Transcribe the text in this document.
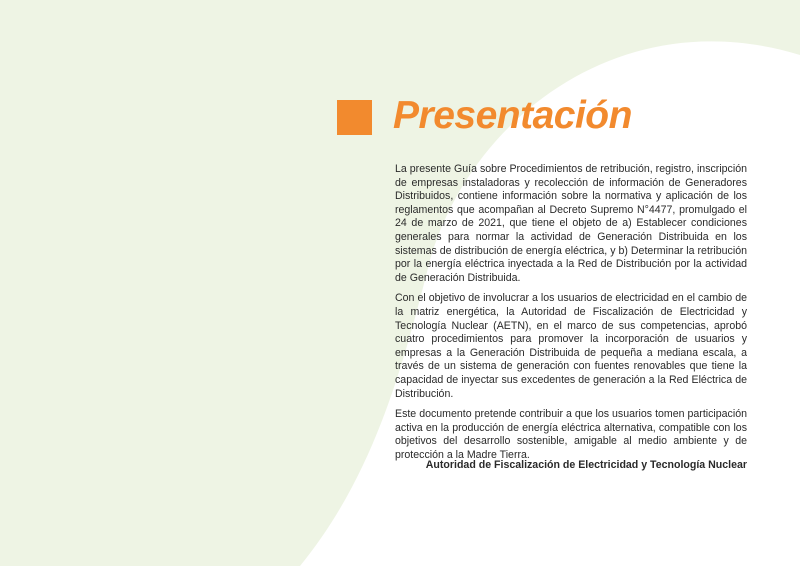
Presentación

La presente Guía sobre Procedimientos de retribución, registro, inscripción de empresas instaladoras y recolección de información de Generadores Distribuidos, contiene información sobre la normativa y aplicación de los reglamentos que acompañan al Decreto Supremo N°4477, promulgado el 24 de marzo de 2021, que tiene el objeto de a) Establecer condiciones generales para normar la actividad de Generación Distribuida en los sistemas de distribución de energía eléctrica, y b) Determinar la retribución por la energía eléctrica inyectada a la Red de Distribución por la actividad de Generación Distribuida.

Con el objetivo de involucrar a los usuarios de electricidad en el cambio de la matriz energética, la Autoridad de Fiscalización de Electricidad y Tecnología Nuclear (AETN), en el marco de sus competencias, aprobó cuatro procedimientos para promover la incorporación de usuarios y empresas a la Generación Distribuida de pequeña a mediana escala, a través de un sistema de generación con fuentes renovables que tiene la capacidad de inyectar sus excedentes de generación a la Red Eléctrica de Distribución.

Este documento pretende contribuir a que los usuarios tomen participación activa en la producción de energía eléctrica alternativa, compatible con los objetivos del desarrollo sostenible, amigable al medio ambiente y de protección a la Madre Tierra.

Autoridad de Fiscalización de Electricidad y Tecnología Nuclear
